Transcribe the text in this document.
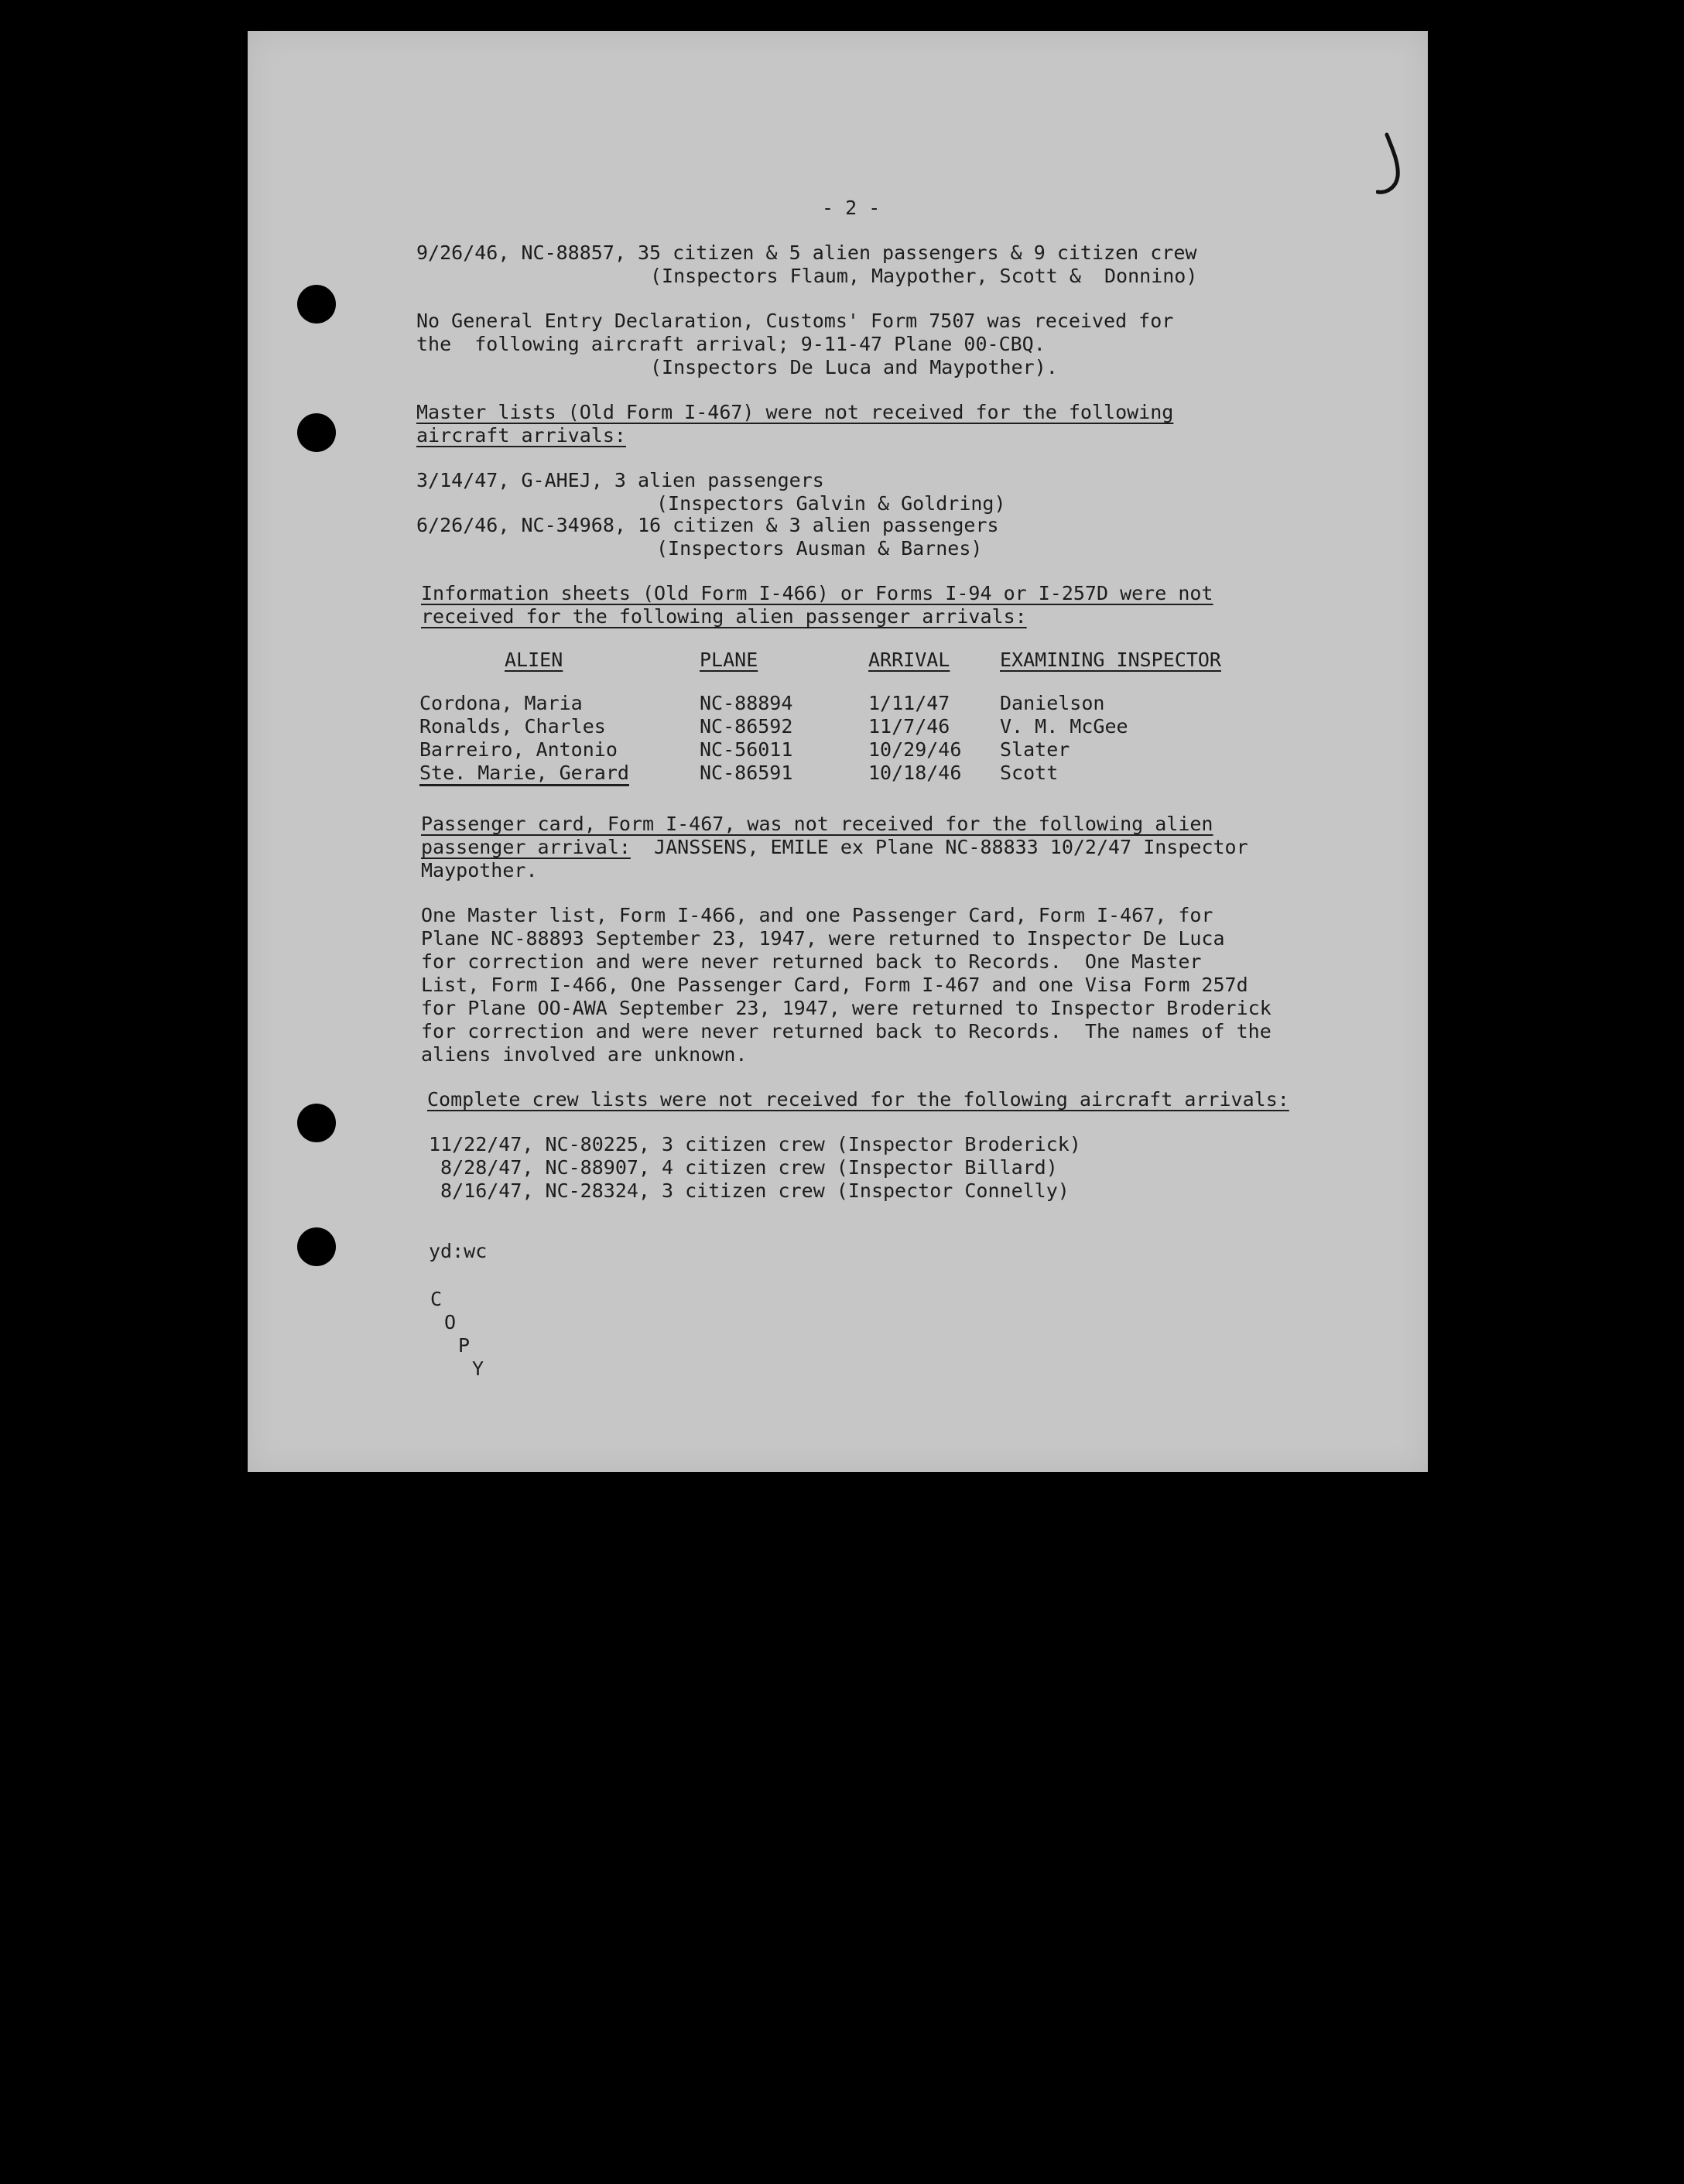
- 2 -
9/26/46, NC-88857, 35 citizen & 5 alien passengers & 9 citizen crew
(Inspectors Flaum, Maypother, Scott &  Donnino)
No General Entry Declaration, Customs' Form 7507 was received for
the  following aircraft arrival; 9-11-47 Plane 00-CBQ.
(Inspectors De Luca and Maypother).
Master lists (Old Form I-467) were not received for the following
aircraft arrivals:
3/14/47, G-AHEJ, 3 alien passengers
(Inspectors Galvin & Goldring)
6/26/46, NC-34968, 16 citizen & 3 alien passengers
(Inspectors Ausman & Barnes)
Information sheets (Old Form I-466) or Forms I-94 or I-257D were not
received for the following alien passenger arrivals:
ALIEN	PLANE	ARRIVAL	EXAMINING INSPECTOR
Cordona, Maria	NC-88894	1/11/47	Danielson
Ronalds, Charles	NC-86592	11/7/46	V. M. McGee
Barreiro, Antonio	NC-56011	10/29/46	Slater
Ste. Marie, Gerard	NC-86591	10/18/46	Scott
Passenger card, Form I-467, was not received for the following alien
passenger arrival:  JANSSENS, EMILE ex Plane NC-88833 10/2/47 Inspector
Maypother.
One Master list, Form I-466, and one Passenger Card, Form I-467, for
Plane NC-88893 September 23, 1947, were returned to Inspector De Luca
for correction and were never returned back to Records.  One Master
List, Form I-466, One Passenger Card, Form I-467 and one Visa Form 257d
for Plane OO-AWA September 23, 1947, were returned to Inspector Broderick
for correction and were never returned back to Records.  The names of the
aliens involved are unknown.
Complete crew lists were not received for the following aircraft arrivals:
11/22/47, NC-80225, 3 citizen crew (Inspector Broderick)
8/28/47, NC-88907, 4 citizen crew (Inspector Billard)
8/16/47, NC-28324, 3 citizen crew (Inspector Connelly)
yd:wc
C
O
P
Y
